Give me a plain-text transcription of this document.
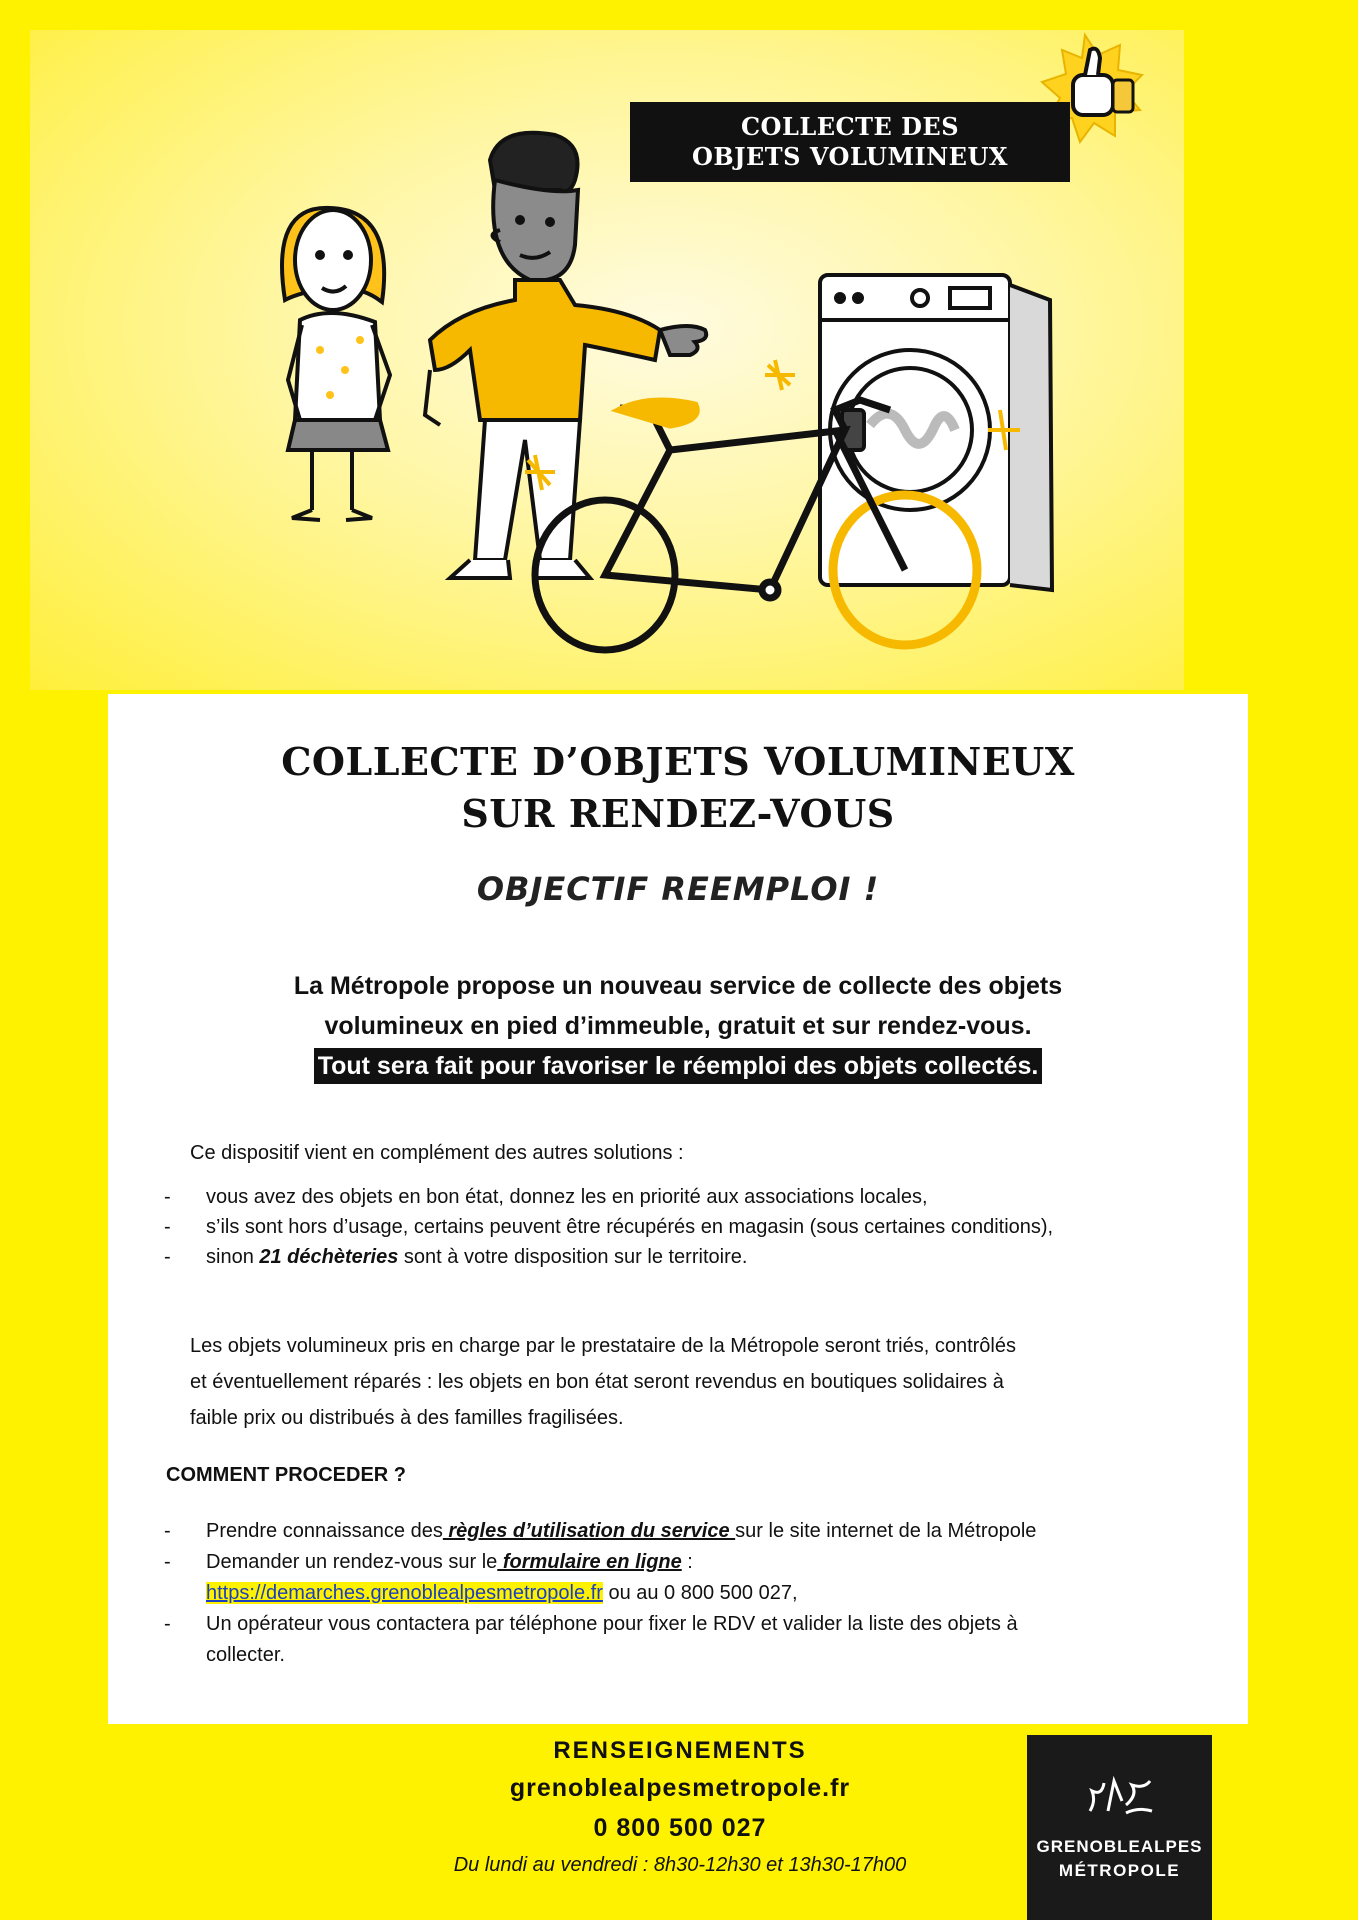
COLLECTE DES
OBJETS VOLUMINEUX
COLLECTE D’OBJETS VOLUMINEUX
SUR RENDEZ-VOUS
OBJECTIF REEMPLOI !
La Métropole propose un nouveau service de collecte des objets
volumineux en pied d’immeuble, gratuit et sur rendez-vous.
Tout sera fait pour favoriser le réemploi des objets collectés.
Ce dispositif vient en complément des autres solutions :
- vous avez des objets en bon état, donnez les en priorité aux associations locales,
- s’ils sont hors d’usage, certains peuvent être récupérés en magasin (sous certaines conditions),
- sinon 21 déchèteries sont à votre disposition sur le territoire.
Les objets volumineux pris en charge par le prestataire de la Métropole seront triés, contrôlés
et éventuellement réparés : les objets en bon état seront revendus en boutiques solidaires à
faible prix ou distribués à des familles fragilisées.
COMMENT PROCEDER ?
- Prendre connaissance des règles d’utilisation du service sur le site internet de la Métropole
- Demander un rendez-vous sur le formulaire en ligne :
https://demarches.grenoblealpesmetropole.fr ou au 0 800 500 027,
- Un opérateur vous contactera par téléphone pour fixer le RDV et valider la liste des objets à
collecter.
RENSEIGNEMENTS
grenoblealpesmetropole.fr
0 800 500 027
Du lundi au vendredi : 8h30-12h30 et 13h30-17h00
GRENOBLEALPES
MÉTROPOLE
